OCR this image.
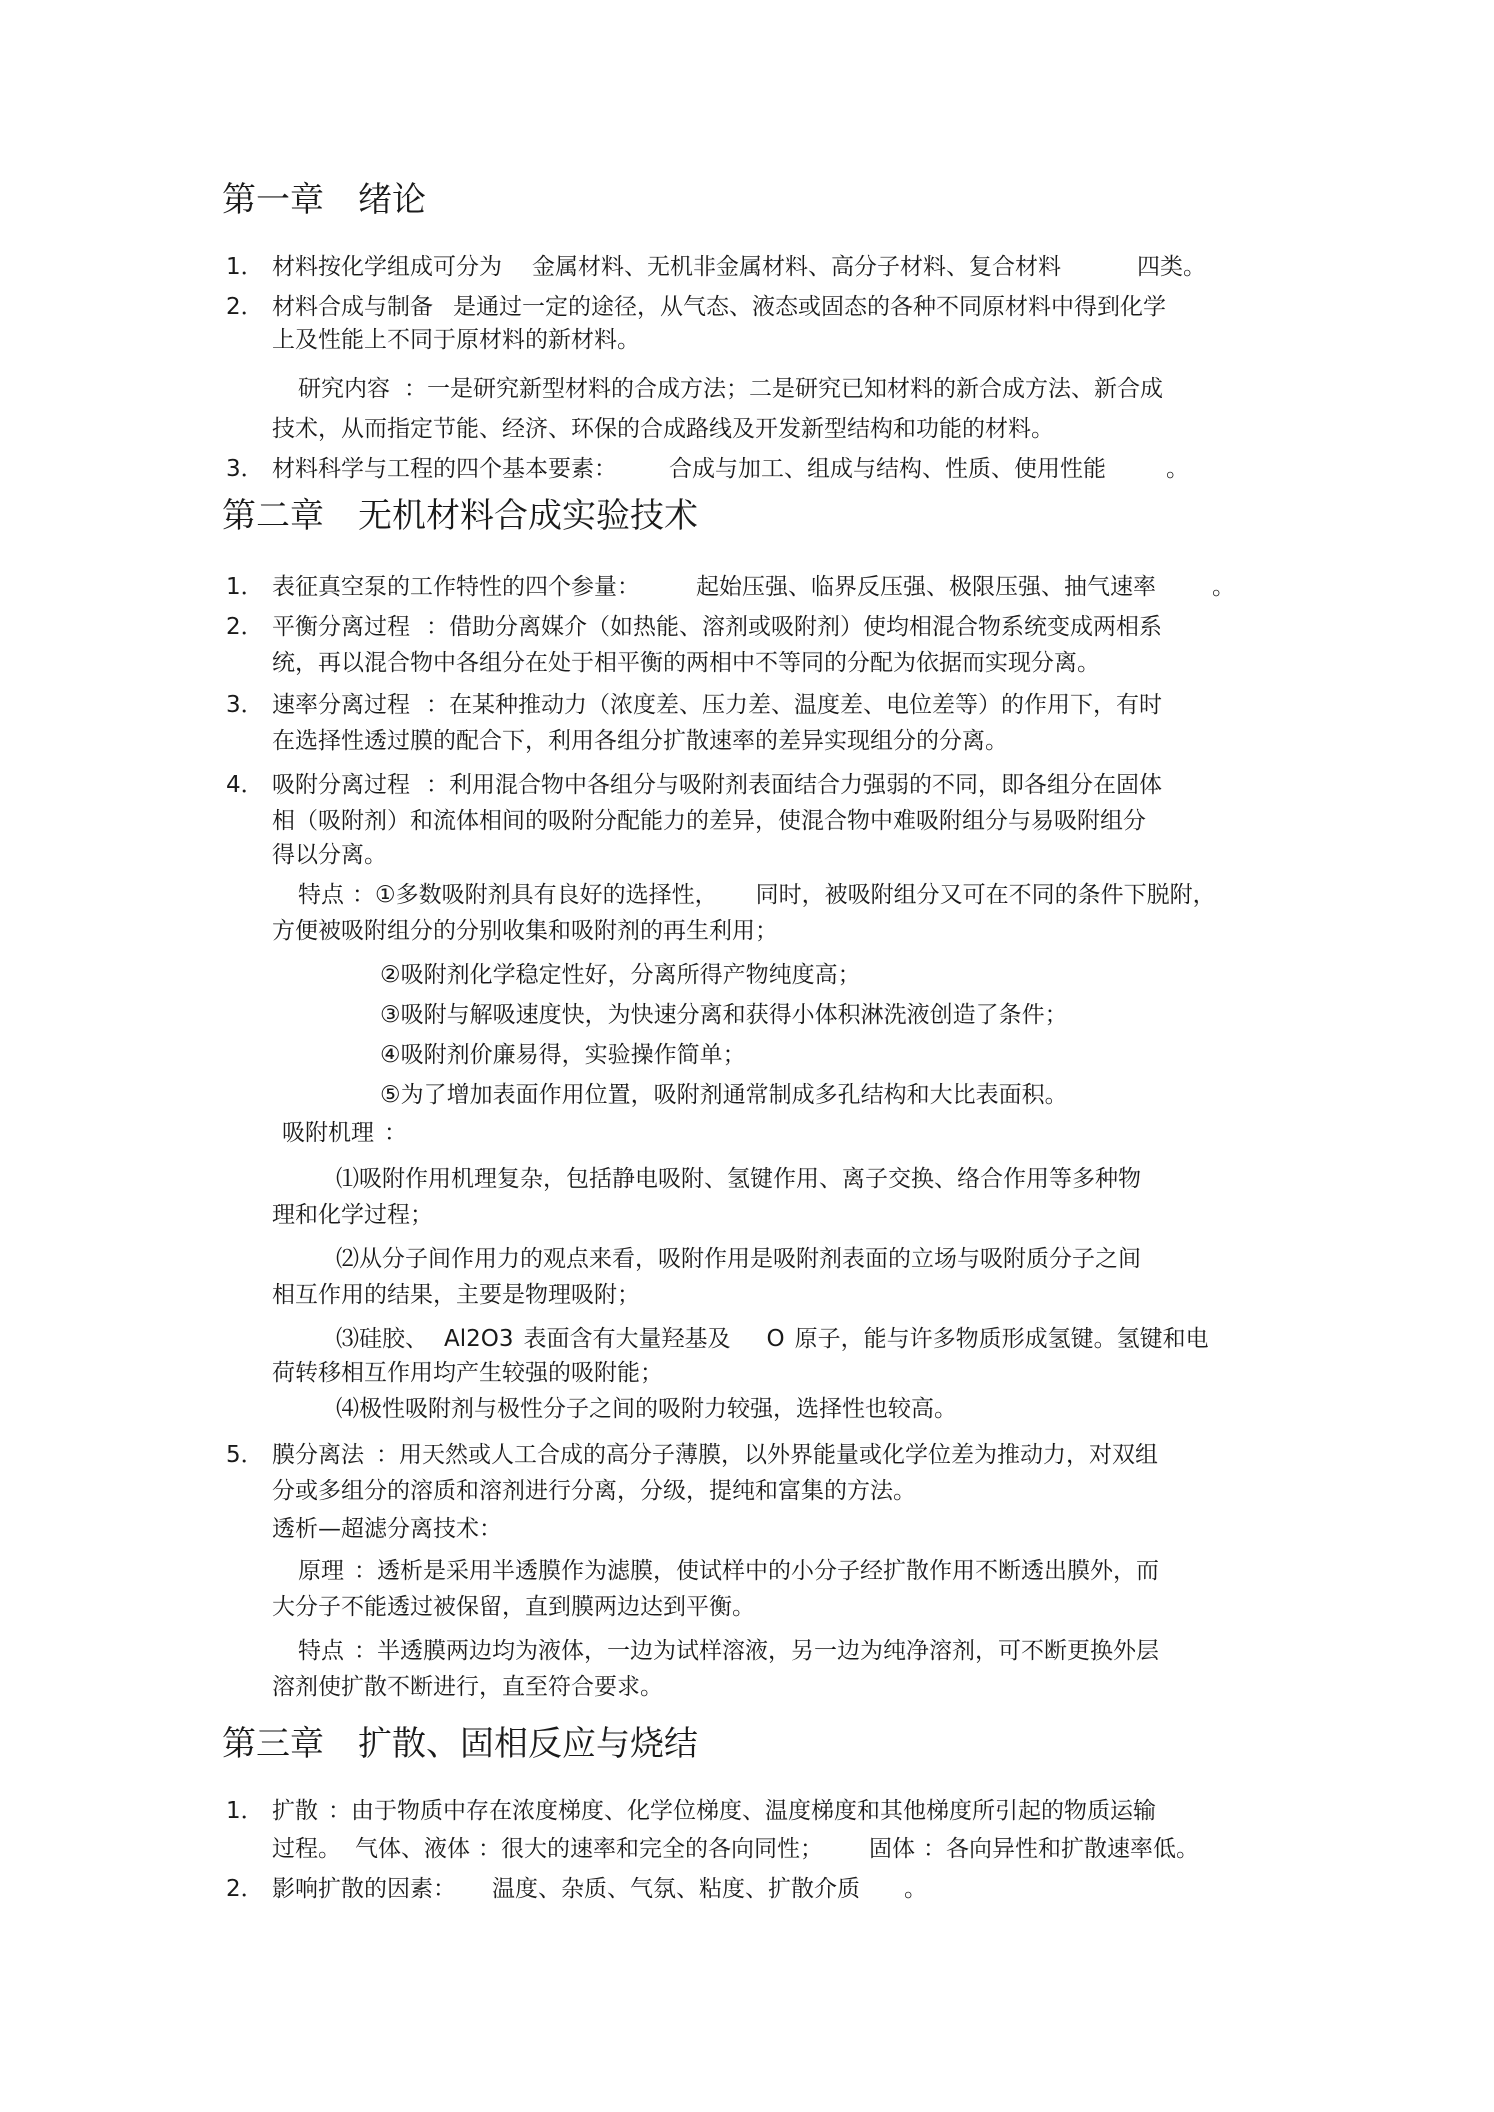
第一章　绪论
1． 材料按化学组成可分为 金属材料、无机非金属材料、高分子材料、复合材料	四类。
2． 材料合成与制备 是通过一定的途径，从气态、液态或固态的各种不同原材料中得到化学
上及性能上不同于原材料的新材料。
研究内容 ：一是研究新型材料的合成方法；二是研究已知材料的新合成方法、新合成
技术，从而指定节能、经济、环保的合成路线及开发新型结构和功能的材料。
3． 材料科学与工程的四个基本要素： 合成与加工、组成与结构、性质、使用性能	。
第二章　无机材料合成实验技术
1． 表征真空泵的工作特性的四个参量： 起始压强、临界反压强、极限压强、抽气速率 。
2． 平衡分离过程 ：借助分离媒介（如热能、溶剂或吸附剂）使均相混合物系统变成两相系
统，再以混合物中各组分在处于相平衡的两相中不等同的分配为依据而实现分离。
3． 速率分离过程 ：在某种推动力（浓度差、压力差、温度差、电位差等）的作用下，有时
在选择性透过膜的配合下，利用各组分扩散速率的差异实现组分的分离。
4． 吸附分离过程 ：利用混合物中各组分与吸附剂表面结合力强弱的不同，即各组分在固体
相（吸附剂）和流体相间的吸附分配能力的差异，使混合物中难吸附组分与易吸附组分
得以分离。
特点 ：①多数吸附剂具有良好的选择性， 同时，被吸附组分又可在不同的条件下脱附，
方便被吸附组分的分别收集和吸附剂的再生利用；
②吸附剂化学稳定性好，分离所得产物纯度高；
③吸附与解吸速度快，为快速分离和获得小体积淋洗液创造了条件；
④吸附剂价廉易得，实验操作简单；
⑤为了增加表面作用位置，吸附剂通常制成多孔结构和大比表面积。
吸附机理 ：
⑴吸附作用机理复杂，包括静电吸附、氢键作用、离子交换、络合作用等多种物
理和化学过程；
⑵从分子间作用力的观点来看，吸附作用是吸附剂表面的立场与吸附质分子之间
相互作用的结果，主要是物理吸附；
⑶硅胶、 Al2O3 表面含有大量羟基及 O 原子，能与许多物质形成氢键。氢键和电
荷转移相互作用均产生较强的吸附能；
⑷极性吸附剂与极性分子之间的吸附力较强，选择性也较高。
5． 膜分离法 ：用天然或人工合成的高分子薄膜，以外界能量或化学位差为推动力，对双组
分或多组分的溶质和溶剂进行分离，分级，提纯和富集的方法。
透析—超滤分离技术：
原理 ：透析是采用半透膜作为滤膜，使试样中的小分子经扩散作用不断透出膜外，而
大分子不能透过被保留，直到膜两边达到平衡。
特点 ：半透膜两边均为液体，一边为试样溶液，另一边为纯净溶剂，可不断更换外层
溶剂使扩散不断进行，直至符合要求。
第三章　扩散、固相反应与烧结
1． 扩散 ：由于物质中存在浓度梯度、化学位梯度、温度梯度和其他梯度所引起的物质运输
过程。 气体、液体 ：很大的速率和完全的各向同性； 固体 ：各向异性和扩散速率低。
2． 影响扩散的因素： 温度、杂质、气氛、粘度、扩散介质 。
